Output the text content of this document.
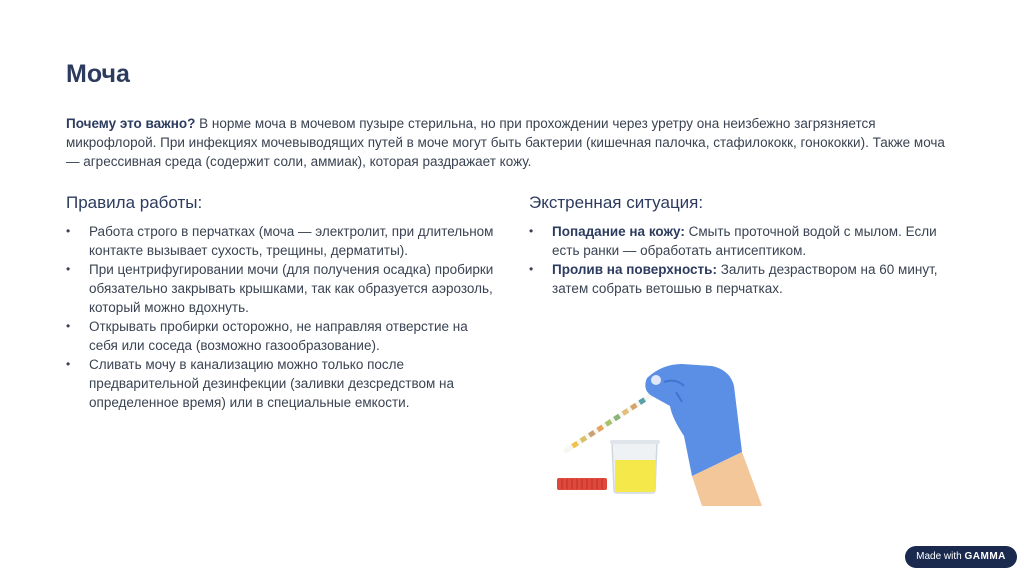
Моча

Почему это важно? В норме моча в мочевом пузыре стерильна, но при прохождении через уретру она неизбежно загрязняется микрофлорой. При инфекциях мочевыводящих путей в моче могут быть бактерии (кишечная палочка, стафилококк, гонококки). Также моча — агрессивная среда (содержит соли, аммиак), которая раздражает кожу.

Правила работы:
• Работа строго в перчатках (моча — электролит, при длительном контакте вызывает сухость, трещины, дерматиты).
• При центрифугировании мочи (для получения осадка) пробирки обязательно закрывать крышками, так как образуется аэрозоль, который можно вдохнуть.
• Открывать пробирки осторожно, не направляя отверстие на себя или соседа (возможно газообразование).
• Сливать мочу в канализацию можно только после предварительной дезинфекции (заливки дезсредством на определенное время) или в специальные емкости.
Экстренная ситуация:
• Попадание на кожу: Смыть проточной водой с мылом. Если есть ранки — обработать антисептиком.
• Пролив на поверхность: Залить дезраствором на 60 минут, затем собрать ветошью в перчатках.
Made with GAMMA
